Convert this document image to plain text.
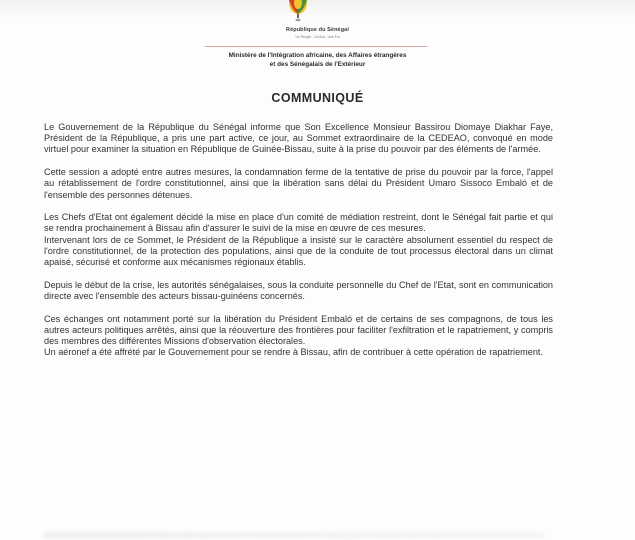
République du Sénégal
Un Peuple - Un But - Une Foi
Ministère de l'Intégration africaine, des Affaires étrangères
et des Sénégalais de l'Extérieur
COMMUNIQUÉ

Le Gouvernement de la République du Sénégal informe que Son Excellence Monsieur Bassirou Diomaye Diakhar Faye, Président de la République, a pris une part active, ce jour, au Sommet extraordinaire de la CEDEAO, convoqué en mode virtuel pour examiner la situation en République de Guinée-Bissau, suite à la prise du pouvoir par des éléments de l'armée.

Cette session a adopté entre autres mesures, la condamnation ferme de la tentative de prise du pouvoir par la force, l'appel au rétablissement de l'ordre constitutionnel, ainsi que la libération sans délai du Président Umaro Sissoco Embaló et de l'ensemble des personnes détenues.

Les Chefs d'Etat ont également décidé la mise en place d'un comité de médiation restreint, dont le Sénégal fait partie et qui se rendra prochainement à Bissau afin d'assurer le suivi de la mise en œuvre de ces mesures.

Intervenant lors de ce Sommet, le Président de la République a insisté sur le caractère absolument essentiel du respect de l'ordre constitutionnel, de la protection des populations, ainsi que de la conduite de tout processus électoral dans un climat apaisé, sécurisé et conforme aux mécanismes régionaux établis.

Depuis le début de la crise, les autorités sénégalaises, sous la conduite personnelle du Chef de l'Etat, sont en communication directe avec l'ensemble des acteurs bissau-guinéens concernés.

Ces échanges ont notamment porté sur la libération du Président Embaló et de certains de ses compagnons, de tous les autres acteurs politiques arrêtés, ainsi que la réouverture des frontières pour faciliter l'exfiltration et le rapatriement, y compris des membres des différentes Missions d'observation électorales.

Un aéronef a été affrété par le Gouvernement pour se rendre à Bissau, afin de contribuer à cette opération de rapatriement.
